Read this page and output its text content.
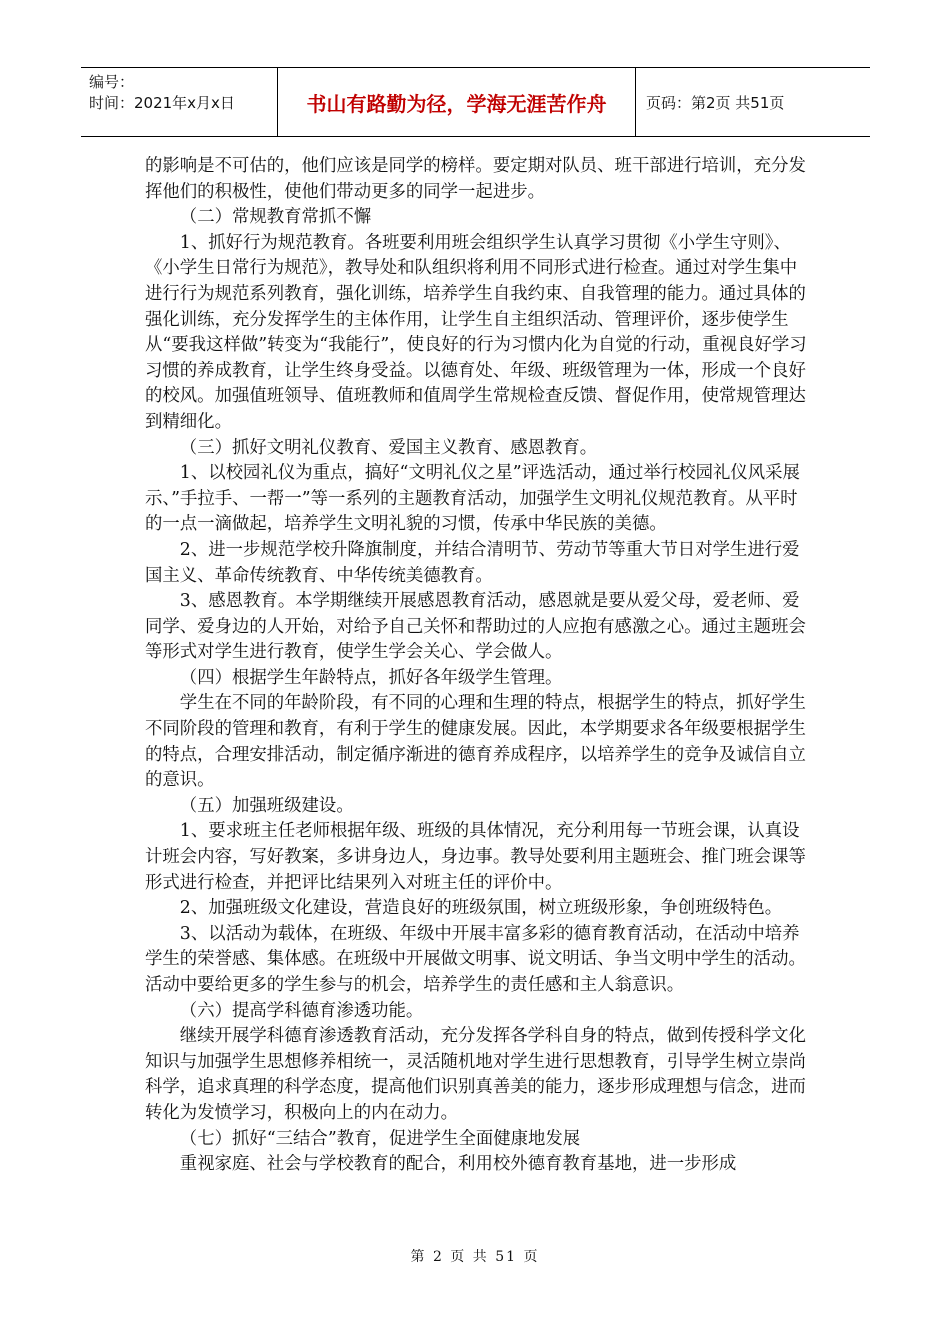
编号：
时间：2021年x月x日	书山有路勤为径，学海无涯苦作舟	页码：第2页 共51页

的影响是不可估的，他们应该是同学的榜样。要定期对队员、班干部进行培训，充分发挥他们的积极性，使他们带动更多的同学一起进步。

（二）常规教育常抓不懈

1、抓好行为规范教育。各班要利用班会组织学生认真学习贯彻《小学生守则》、《小学生日常行为规范》，教导处和队组织将利用不同形式进行检查。通过对学生集中进行行为规范系列教育，强化训练，培养学生自我约束、自我管理的能力。通过具体的强化训练，充分发挥学生的主体作用，让学生自主组织活动、管理评价，逐步使学生从“要我这样做”转变为“我能行”，使良好的行为习惯内化为自觉的行动，重视良好学习习惯的养成教育，让学生终身受益。以德育处、年级、班级管理为一体，形成一个良好的校风。加强值班领导、值班教师和值周学生常规检查反馈、督促作用，使常规管理达到精细化。

（三）抓好文明礼仪教育、爱国主义教育、感恩教育。

1、以校园礼仪为重点，搞好“文明礼仪之星”评选活动，通过举行校园礼仪风采展示、”手拉手、一帮一”等一系列的主题教育活动，加强学生文明礼仪规范教育。从平时的一点一滴做起，培养学生文明礼貌的习惯，传承中华民族的美德。

2、进一步规范学校升降旗制度，并结合清明节、劳动节等重大节日对学生进行爱国主义、革命传统教育、中华传统美德教育。

3、感恩教育。本学期继续开展感恩教育活动，感恩就是要从爱父母，爱老师、爱同学、爱身边的人开始，对给予自己关怀和帮助过的人应抱有感激之心。通过主题班会等形式对学生进行教育，使学生学会关心、学会做人。

（四）根据学生年龄特点，抓好各年级学生管理。

学生在不同的年龄阶段，有不同的心理和生理的特点，根据学生的特点，抓好学生不同阶段的管理和教育，有利于学生的健康发展。因此，本学期要求各年级要根据学生的特点，合理安排活动，制定循序渐进的德育养成程序，以培养学生的竞争及诚信自立的意识。

（五）加强班级建设。

1、要求班主任老师根据年级、班级的具体情况，充分利用每一节班会课，认真设计班会内容，写好教案，多讲身边人，身边事。教导处要利用主题班会、推门班会课等形式进行检查，并把评比结果列入对班主任的评价中。

2、加强班级文化建设，营造良好的班级氛围，树立班级形象，争创班级特色。

3、以活动为载体，在班级、年级中开展丰富多彩的德育教育活动，在活动中培养学生的荣誉感、集体感。在班级中开展做文明事、说文明话、争当文明中学生的活动。活动中要给更多的学生参与的机会，培养学生的责任感和主人翁意识。

（六）提高学科德育渗透功能。

继续开展学科德育渗透教育活动，充分发挥各学科自身的特点，做到传授科学文化知识与加强学生思想修养相统一，灵活随机地对学生进行思想教育，引导学生树立崇尚科学，追求真理的科学态度，提高他们识别真善美的能力，逐步形成理想与信念，进而转化为发愤学习，积极向上的内在动力。

（七）抓好“三结合”教育，促进学生全面健康地发展

重视家庭、社会与学校教育的配合，利用校外德育教育基地，进一步形成

第 2 页 共 51 页
